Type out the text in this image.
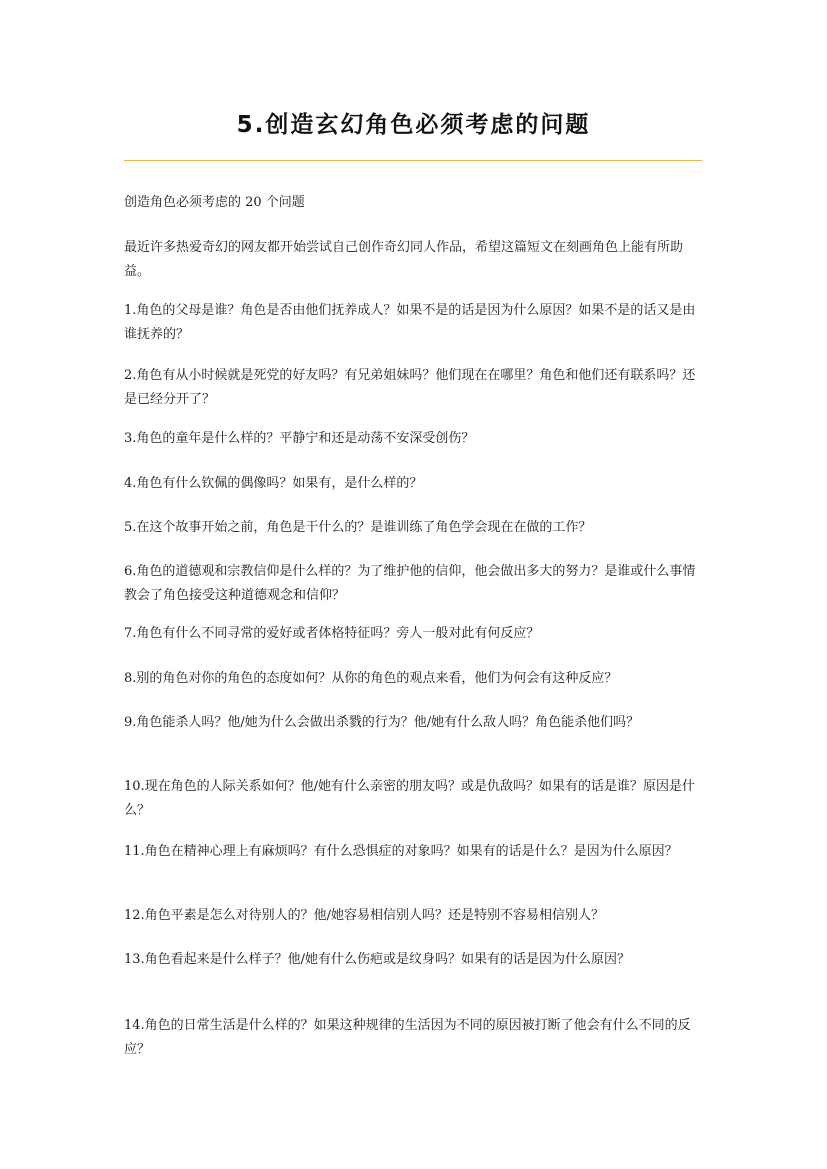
5.创造玄幻角色必须考虑的问题

创造角色必须考虑的 20 个问题

最近许多热爱奇幻的网友都开始尝试自己创作奇幻同人作品，希望这篇短文在刻画角色上能有所助益。

1.角色的父母是谁？角色是否由他们抚养成人？如果不是的话是因为什么原因？如果不是的话又是由谁抚养的？

2.角色有从小时候就是死党的好友吗？有兄弟姐妹吗？他们现在在哪里？角色和他们还有联系吗？还是已经分开了？

3.角色的童年是什么样的？平静宁和还是动荡不安深受创伤？

4.角色有什么钦佩的偶像吗？如果有，是什么样的？

5.在这个故事开始之前，角色是干什么的？是谁训练了角色学会现在在做的工作？

6.角色的道德观和宗教信仰是什么样的？为了维护他的信仰，他会做出多大的努力？是谁或什么事情教会了角色接受这种道德观念和信仰？

7.角色有什么不同寻常的爱好或者体格特征吗？旁人一般对此有何反应？

8.别的角色对你的角色的态度如何？从你的角色的观点来看，他们为何会有这种反应？

9.角色能杀人吗？他/她为什么会做出杀戮的行为？他/她有什么敌人吗？角色能杀他们吗？

10.现在角色的人际关系如何？他/她有什么亲密的朋友吗？或是仇敌吗？如果有的话是谁？原因是什么？

11.角色在精神心理上有麻烦吗？有什么恐惧症的对象吗？如果有的话是什么？是因为什么原因？

12.角色平素是怎么对待别人的？他/她容易相信别人吗？还是特别不容易相信别人？

13.角色看起来是什么样子？他/她有什么伤疤或是纹身吗？如果有的话是因为什么原因？

14.角色的日常生活是什么样的？如果这种规律的生活因为不同的原因被打断了他会有什么不同的反应？
